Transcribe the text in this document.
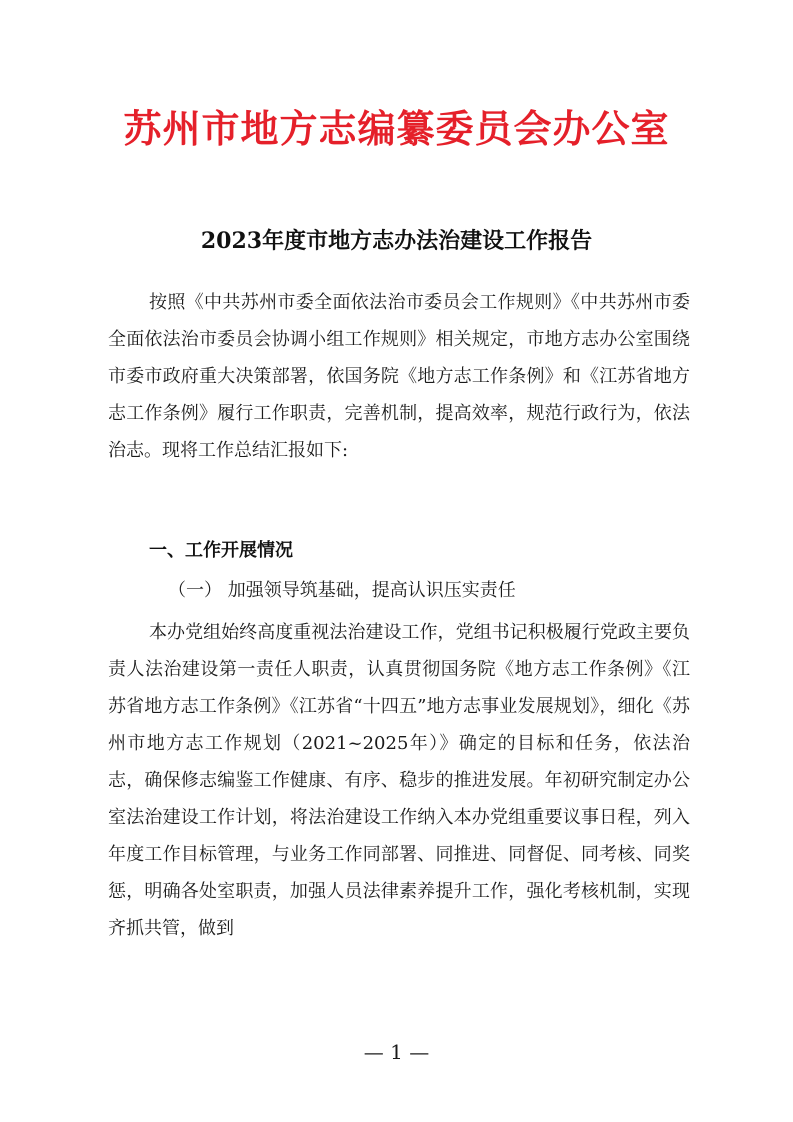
苏州市地方志编纂委员会办公室
2023年度市地方志办法治建设工作报告

按照《中共苏州市委全面依法治市委员会工作规则》《中共苏州市委全面依法治市委员会协调小组工作规则》相关规定，市地方志办公室围绕市委市政府重大决策部署，依国务院《地方志工作条例》和《江苏省地方志工作条例》履行工作职责，完善机制，提高效率，规范行政行为，依法治志。现将工作总结汇报如下:

一、工作开展情况
（一） 加强领导筑基础，提高认识压实责任

本办党组始终高度重视法治建设工作，党组书记积极履行党政主要负责人法治建设第一责任人职责，认真贯彻国务院《地方志工作条例》《江苏省地方志工作条例》《江苏省“十四五”地方志事业发展规划》，细化《苏州市地方志工作规划（2021~2025年）》确定的目标和任务，依法治志，确保修志编鉴工作健康、有序、稳步的推进发展。年初研究制定办公室法治建设工作计划，将法治建设工作纳入本办党组重要议事日程，列入年度工作目标管理，与业务工作同部署、同推进、同督促、同考核、同奖惩，明确各处室职责，加强人员法律素养提升工作，强化考核机制，实现齐抓共管，做到

— 1 —
